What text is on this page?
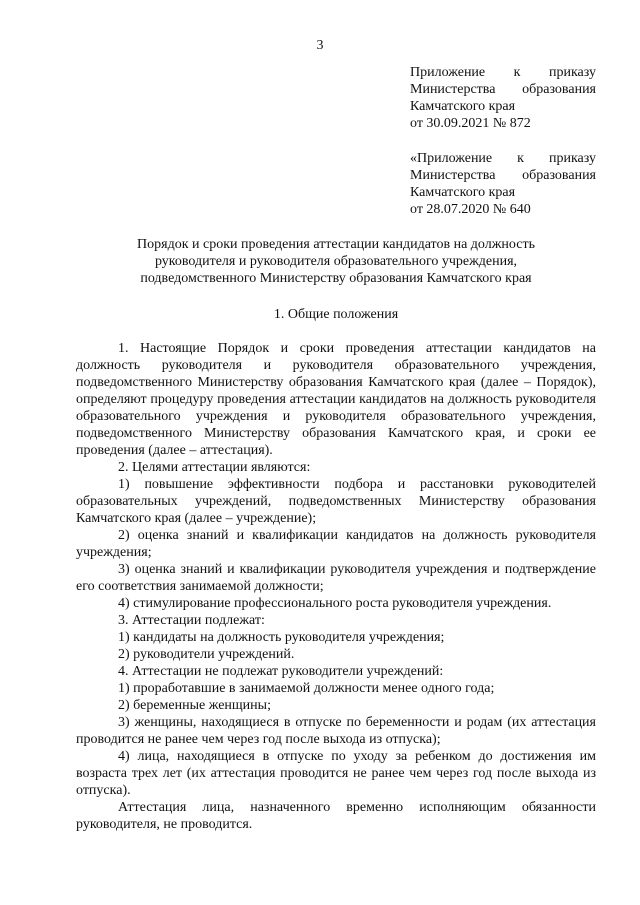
3
Приложение к приказу
Министерства образования
Камчатского края
от 30.09.2021 № 872
«Приложение к приказу
Министерства образования
Камчатского края
от 28.07.2020 № 640
Порядок и сроки проведения аттестации кандидатов на должность
руководителя и руководителя образовательного учреждения,
подведомственного Министерству образования Камчатского края
1. Общие положения

1. Настоящие Порядок и сроки проведения аттестации кандидатов на должность руководителя и руководителя образовательного учреждения, подведомственного Министерству образования Камчатского края (далее – Порядок), определяют процедуру проведения аттестации кандидатов на должность руководителя образовательного учреждения и руководителя образовательного учреждения, подведомственного Министерству образования Камчатского края, и сроки ее проведения (далее – аттестация).

2. Целями аттестации являются:

1) повышение эффективности подбора и расстановки руководителей образовательных учреждений, подведомственных Министерству образования Камчатского края (далее – учреждение);

2) оценка знаний и квалификации кандидатов на должность руководителя учреждения;

3) оценка знаний и квалификации руководителя учреждения и подтверждение его соответствия занимаемой должности;

4) стимулирование профессионального роста руководителя учреждения.

3. Аттестации подлежат:

1) кандидаты на должность руководителя учреждения;

2) руководители учреждений.

4. Аттестации не подлежат руководители учреждений:

1) проработавшие в занимаемой должности менее одного года;

2) беременные женщины;

3) женщины, находящиеся в отпуске по беременности и родам (их аттестация проводится не ранее чем через год после выхода из отпуска);

4) лица, находящиеся в отпуске по уходу за ребенком до достижения им возраста трех лет (их аттестация проводится не ранее чем через год после выхода из отпуска).

Аттестация лица, назначенного временно исполняющим обязанности руководителя, не проводится.
